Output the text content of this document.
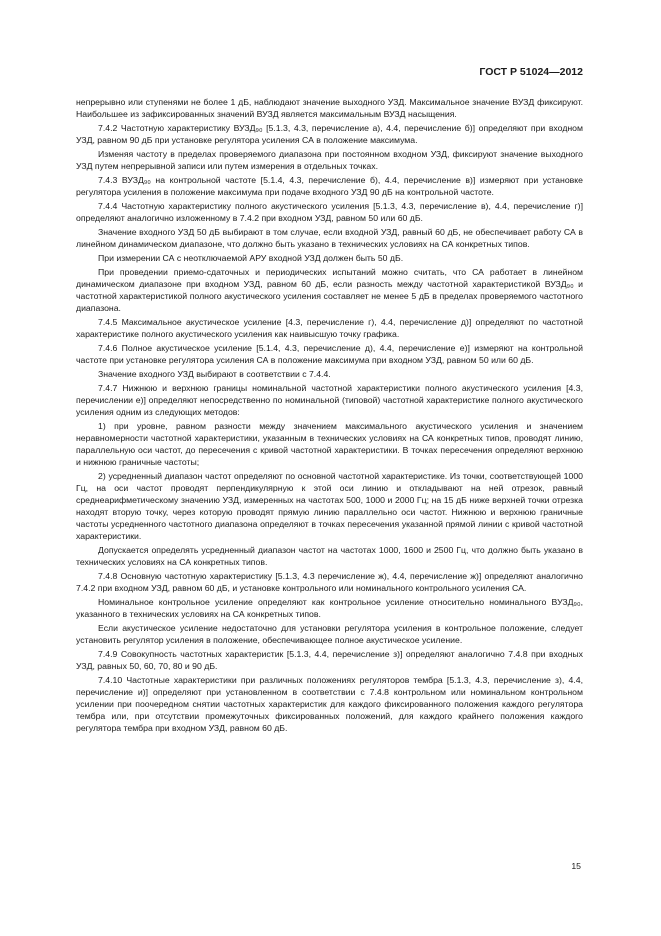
ГОСТ Р 51024—2012

непрерывно или ступенями не более 1 дБ, наблюдают значение выходного УЗД. Максимальное значение ВУЗД фиксируют. Наибольшее из зафиксированных значений ВУЗД является максимальным ВУЗД насыщения.

7.4.2 Частотную характеристику ВУЗД₉₀ [5.1.3, 4.3, перечисление а), 4.4, перечисление б)] определяют при входном УЗД, равном 90 дБ при установке регулятора усиления СА в положение максимума.

Изменяя частоту в пределах проверяемого диапазона при постоянном входном УЗД, фиксируют значение выходного УЗД путем непрерывной записи или путем измерения в отдельных точках.

7.4.3 ВУЗД₉₀ на контрольной частоте [5.1.4, 4.3, перечисление б), 4.4, перечисление в)] измеряют при установке регулятора усиления в положение максимума при подаче входного УЗД 90 дБ на контрольной частоте.

7.4.4 Частотную характеристику полного акустического усиления [5.1.3, 4.3, перечисление в), 4.4, перечисление г)] определяют аналогично изложенному в 7.4.2 при входном УЗД, равном 50 или 60 дБ.

Значение входного УЗД 50 дБ выбирают в том случае, если входной УЗД, равный 60 дБ, не обеспечивает работу СА в линейном динамическом диапазоне, что должно быть указано в технических условиях на СА конкретных типов.

При измерении СА с неотключаемой АРУ входной УЗД должен быть 50 дБ.

При проведении приемо-сдаточных и периодических испытаний можно считать, что СА работает в линейном динамическом диапазоне при входном УЗД, равном 60 дБ, если разность между частотной характеристикой ВУЗД₉₀ и частотной характеристикой полного акустического усиления составляет не менее 5 дБ в пределах проверяемого частотного диапазона.

7.4.5 Максимальное акустическое усиление [4.3, перечисление г), 4.4, перечисление д)] определяют по частотной характеристике полного акустического усиления как наивысшую точку графика.

7.4.6 Полное акустическое усиление [5.1.4, 4.3, перечисление д), 4.4, перечисление е)] измеряют на контрольной частоте при установке регулятора усиления СА в положение максимума при входном УЗД, равном 50 или 60 дБ.

Значение входного УЗД выбирают в соответствии с 7.4.4.

7.4.7 Нижнюю и верхнюю границы номинальной частотной характеристики полного акустического усиления [4.3, перечислении е)] определяют непосредственно по номинальной (типовой) частотной характеристике полного акустического усиления одним из следующих методов:

1) при уровне, равном разности между значением максимального акустического усиления и значением неравномерности частотной характеристики, указанным в технических условиях на СА конкретных типов, проводят линию, параллельную оси частот, до пересечения с кривой частотной характеристики. В точках пересечения определяют верхнюю и нижнюю граничные частоты;

2) усредненный диапазон частот определяют по основной частотной характеристике. Из точки, соответствующей 1000 Гц, на оси частот проводят перпендикулярную к этой оси линию и откладывают на ней отрезок, равный среднеарифметическому значению УЗД, измеренных на частотах 500, 1000 и 2000 Гц; на 15 дБ ниже верхней точки отрезка находят вторую точку, через которую проводят прямую линию параллельно оси частот. Нижнюю и верхнюю граничные частоты усредненного частотного диапазона определяют в точках пересечения указанной прямой линии с кривой частотной характеристики.

Допускается определять усредненный диапазон частот на частотах 1000, 1600 и 2500 Гц, что должно быть указано в технических условиях на СА конкретных типов.

7.4.8 Основную частотную характеристику [5.1.3, 4.3 перечисление ж), 4.4, перечисление ж)] определяют аналогично 7.4.2 при входном УЗД, равном 60 дБ, и установке контрольного или номинального контрольного усиления СА.

Номинальное контрольное усиление определяют как контрольное усиление относительно номинального ВУЗД₉₀, указанного в технических условиях на СА конкретных типов.

Если акустическое усиление недостаточно для установки регулятора усиления в контрольное положение, следует установить регулятор усиления в положение, обеспечивающее полное акустическое усиление.

7.4.9 Совокупность частотных характеристик [5.1.3, 4.4, перечисление з)] определяют аналогично 7.4.8 при входных УЗД, равных 50, 60, 70, 80 и 90 дБ.

7.4.10 Частотные характеристики при различных положениях регуляторов тембра [5.1.3, 4.3, перечисление з), 4.4, перечисление и)] определяют при установленном в соответствии с 7.4.8 контрольном или номинальном контрольном усилении при поочередном снятии частотных характеристик для каждого фиксированного положения каждого регулятора тембра или, при отсутствии промежуточных фиксированных положений, для каждого крайнего положения каждого регулятора тембра при входном УЗД, равном 60 дБ.

15
